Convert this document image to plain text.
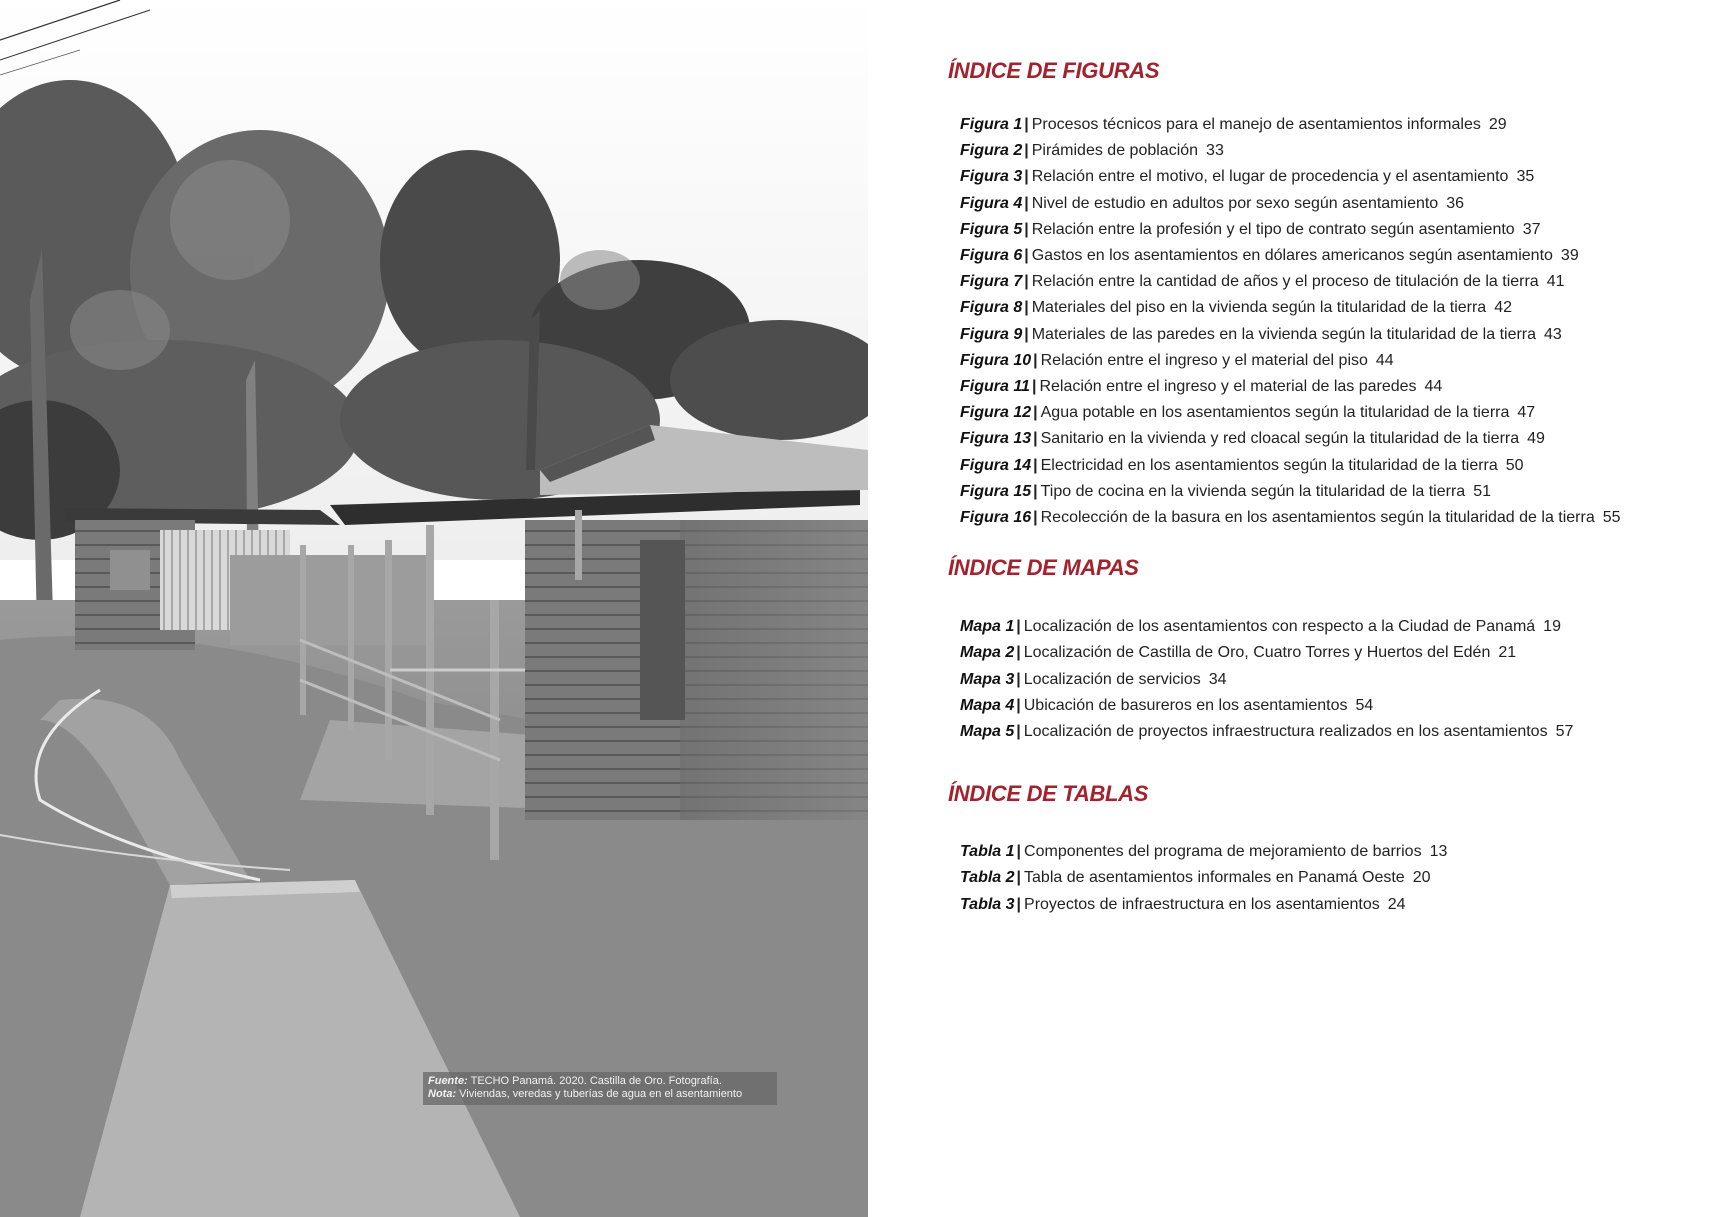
Fuente: TECHO Panamá. 2020. Castilla de Oro. Fotografía.
Nota: Viviendas, veredas y tuberías de agua en el asentamiento
ÍNDICE DE FIGURAS
Figura 1 | Procesos técnicos para el manejo de asentamientos informales 29
Figura 2 | Pirámides de población 33
Figura 3 | Relación entre el motivo, el lugar de procedencia y el asentamiento 35
Figura 4 | Nivel de estudio en adultos por sexo según asentamiento 36
Figura 5 | Relación entre la profesión y el tipo de contrato según asentamiento 37
Figura 6 | Gastos en los asentamientos en dólares americanos según asentamiento 39
Figura 7 | Relación entre la cantidad de años y el proceso de titulación de la tierra 41
Figura 8 | Materiales del piso en la vivienda según la titularidad de la tierra 42
Figura 9 | Materiales de las paredes en la vivienda según la titularidad de la tierra 43
Figura 10 | Relación entre el ingreso y el material del piso 44
Figura 11 | Relación entre el ingreso y el material de las paredes 44
Figura 12 | Agua potable en los asentamientos según la titularidad de la tierra 47
Figura 13 | Sanitario en la vivienda y red cloacal según la titularidad de la tierra 49
Figura 14 | Electricidad en los asentamientos según la titularidad de la tierra 50
Figura 15 | Tipo de cocina en la vivienda según la titularidad de la tierra 51
Figura 16 | Recolección de la basura en los asentamientos según la titularidad de la tierra 55
ÍNDICE DE MAPAS
Mapa 1 | Localización de los asentamientos con respecto a la Ciudad de Panamá 19
Mapa 2 | Localización de Castilla de Oro, Cuatro Torres y Huertos del Edén 21
Mapa 3 | Localización de servicios 34
Mapa 4 | Ubicación de basureros en los asentamientos 54
Mapa 5 | Localización de proyectos infraestructura realizados en los asentamientos 57
ÍNDICE DE TABLAS
Tabla 1 | Componentes del programa de mejoramiento de barrios 13
Tabla 2 | Tabla de asentamientos informales en Panamá Oeste 20
Tabla 3 | Proyectos de infraestructura en los asentamientos 24
